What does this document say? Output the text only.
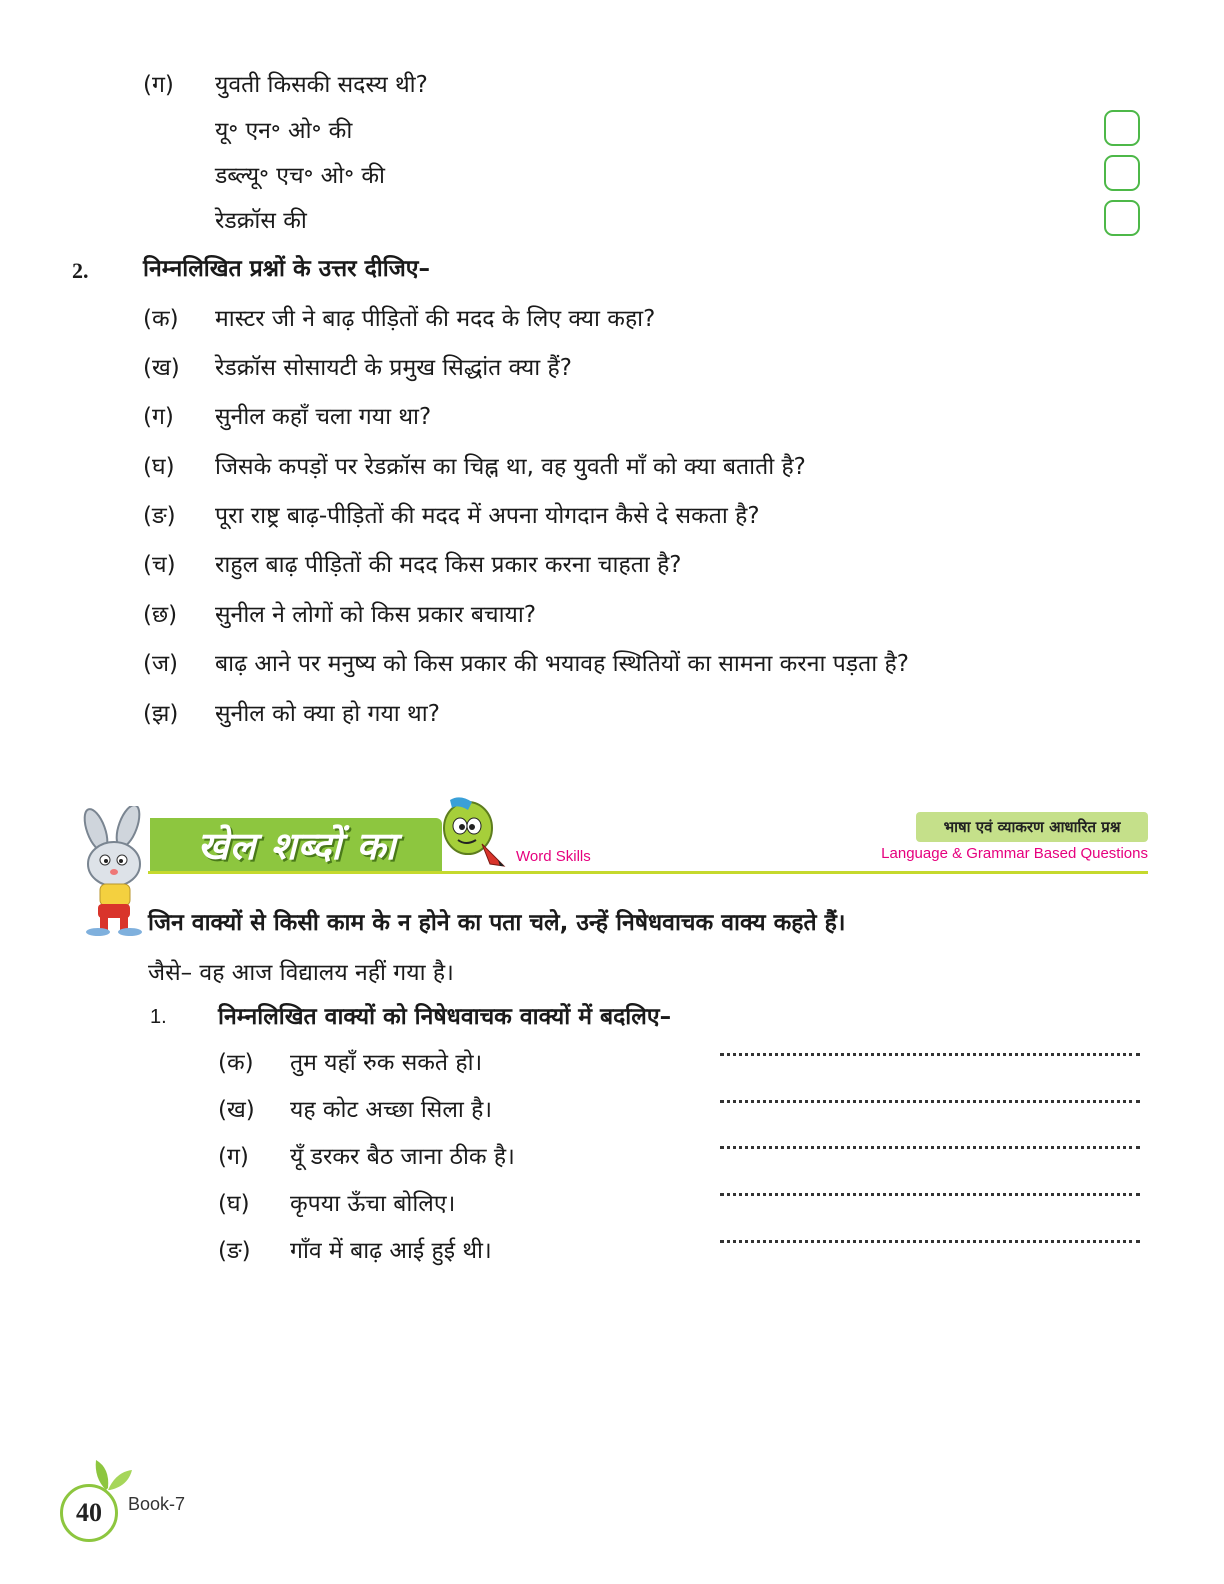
(ग) युवती किसकी सदस्य थी?
यू॰ एन॰ ओ॰ की
डब्ल्यू॰ एच॰ ओ॰ की
रेडक्रॉस की
2. निम्नलिखित प्रश्नों के उत्तर दीजिए–
(क) मास्टर जी ने बाढ़ पीड़ितों की मदद के लिए क्या कहा?
(ख) रेडक्रॉस सोसायटी के प्रमुख सिद्धांत क्या हैं?
(ग) सुनील कहाँ चला गया था?
(घ) जिसके कपड़ों पर रेडक्रॉस का चिह्न था, वह युवती माँ को क्या बताती है?
(ङ) पूरा राष्ट्र बाढ़-पीड़ितों की मदद में अपना योगदान कैसे दे सकता है?
(च) राहुल बाढ़ पीड़ितों की मदद किस प्रकार करना चाहता है?
(छ) सुनील ने लोगों को किस प्रकार बचाया?
(ज) बाढ़ आने पर मनुष्य को किस प्रकार की भयावह स्थितियों का सामना करना पड़ता है?
(झ) सुनील को क्या हो गया था?
खेल शब्दों का	Word Skills
भाषा एवं व्याकरण आधारित प्रश्न
Language & Grammar Based Questions
जिन वाक्यों से किसी काम के न होने का पता चले, उन्हें निषेधवाचक वाक्य कहते हैं।
जैसे– वह आज विद्यालय नहीं गया है।
1. निम्नलिखित वाक्यों को निषेधवाचक वाक्यों में बदलिए–
(क) तुम यहाँ रुक सकते हो।
(ख) यह कोट अच्छा सिला है।
(ग) यूँ डरकर बैठ जाना ठीक है।
(घ) कृपया ऊँचा बोलिए।
(ङ) गाँव में बाढ़ आई हुई थी।
40	Book-7
